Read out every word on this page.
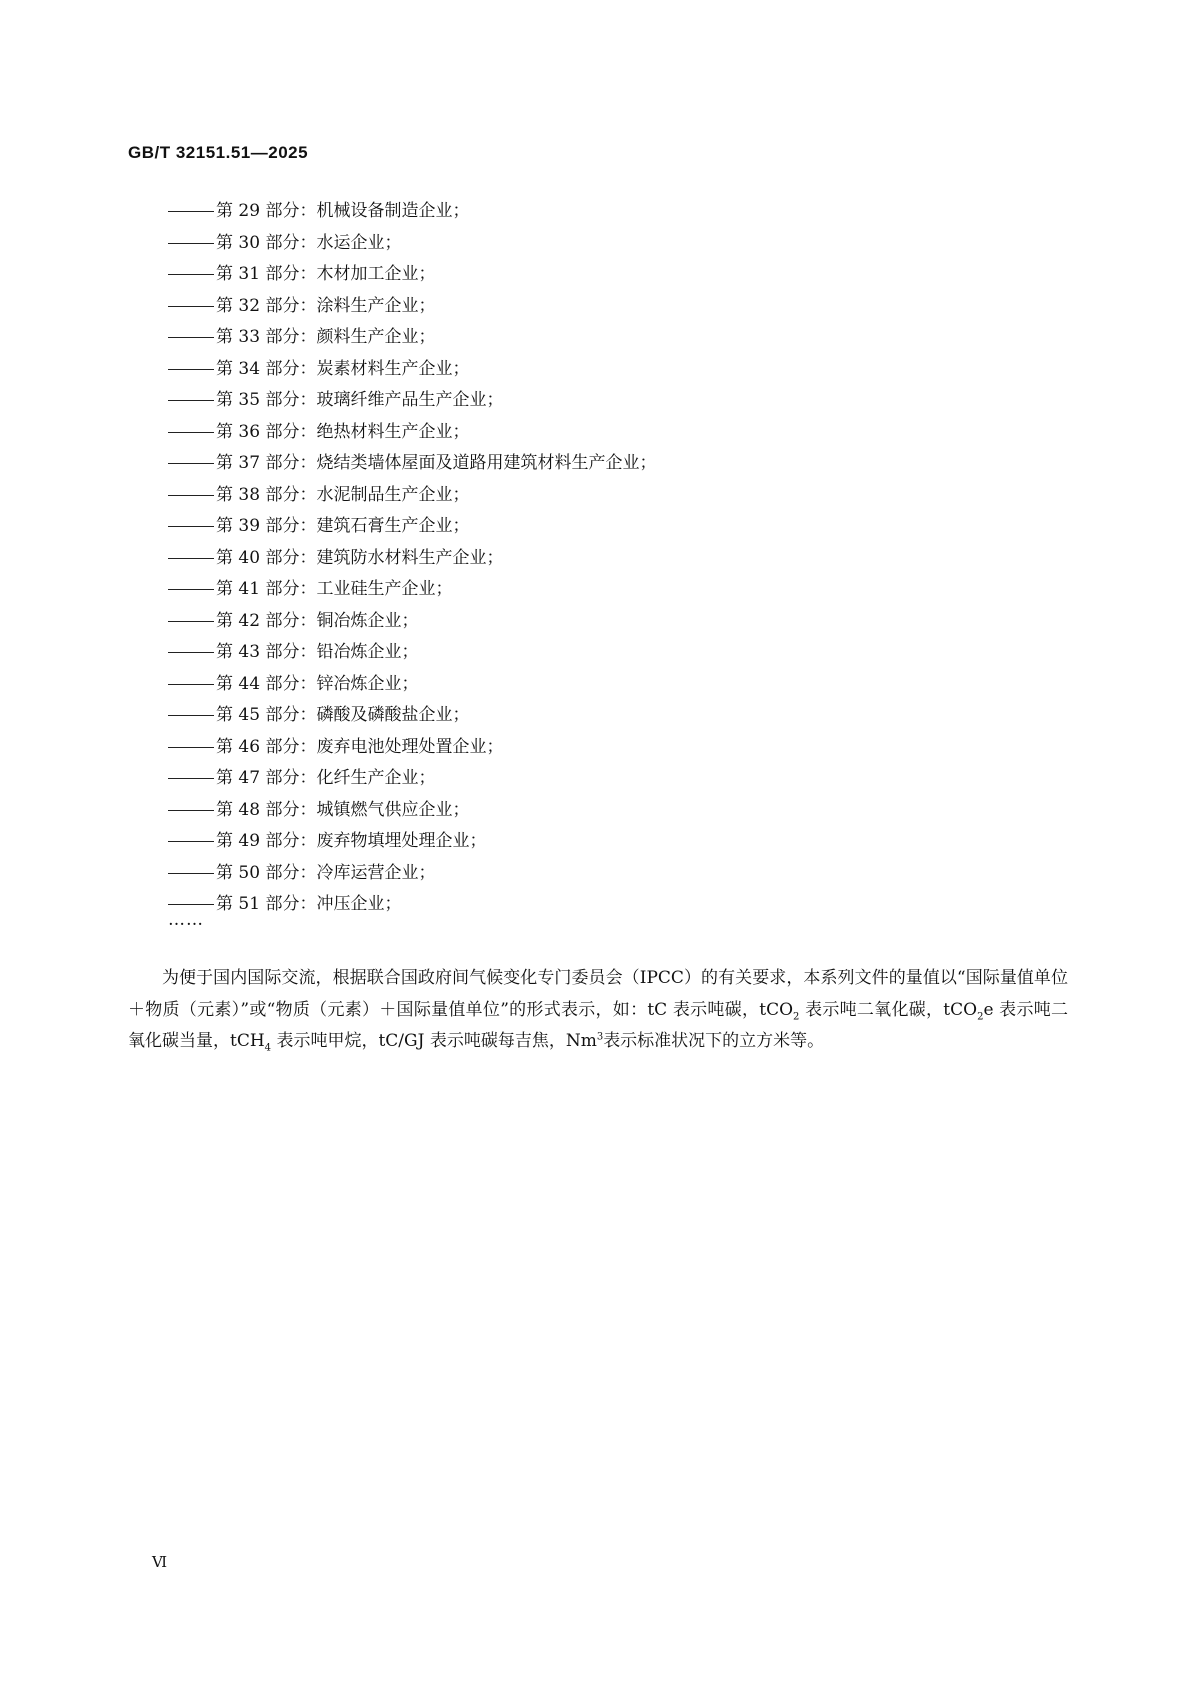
GB/T 32151.51—2025
第 29 部分：机械设备制造企业；
第 30 部分：水运企业；
第 31 部分：木材加工企业；
第 32 部分：涂料生产企业；
第 33 部分：颜料生产企业；
第 34 部分：炭素材料生产企业；
第 35 部分：玻璃纤维产品生产企业；
第 36 部分：绝热材料生产企业；
第 37 部分：烧结类墙体屋面及道路用建筑材料生产企业；
第 38 部分：水泥制品生产企业；
第 39 部分：建筑石膏生产企业；
第 40 部分：建筑防水材料生产企业；
第 41 部分：工业硅生产企业；
第 42 部分：铜冶炼企业；
第 43 部分：铅冶炼企业；
第 44 部分：锌冶炼企业；
第 45 部分：磷酸及磷酸盐企业；
第 46 部分：废弃电池处理处置企业；
第 47 部分：化纤生产企业；
第 48 部分：城镇燃气供应企业；
第 49 部分：废弃物填埋处理企业；
第 50 部分：冷库运营企业；
第 51 部分：冲压企业；
……

为便于国内国际交流，根据联合国政府间气候变化专门委员会（IPCC）的有关要求，本系列文件的量值以“国际量值单位＋物质（元素）”或“物质（元素）＋国际量值单位”的形式表示，如：tC 表示吨碳，tCO$_2$ 表示吨二氧化碳，tCO$_2$e 表示吨二氧化碳当量，tCH$_4$ 表示吨甲烷，tC/GJ 表示吨碳每吉焦，Nm$^3$表示标准状况下的立方米等。

Ⅵ
